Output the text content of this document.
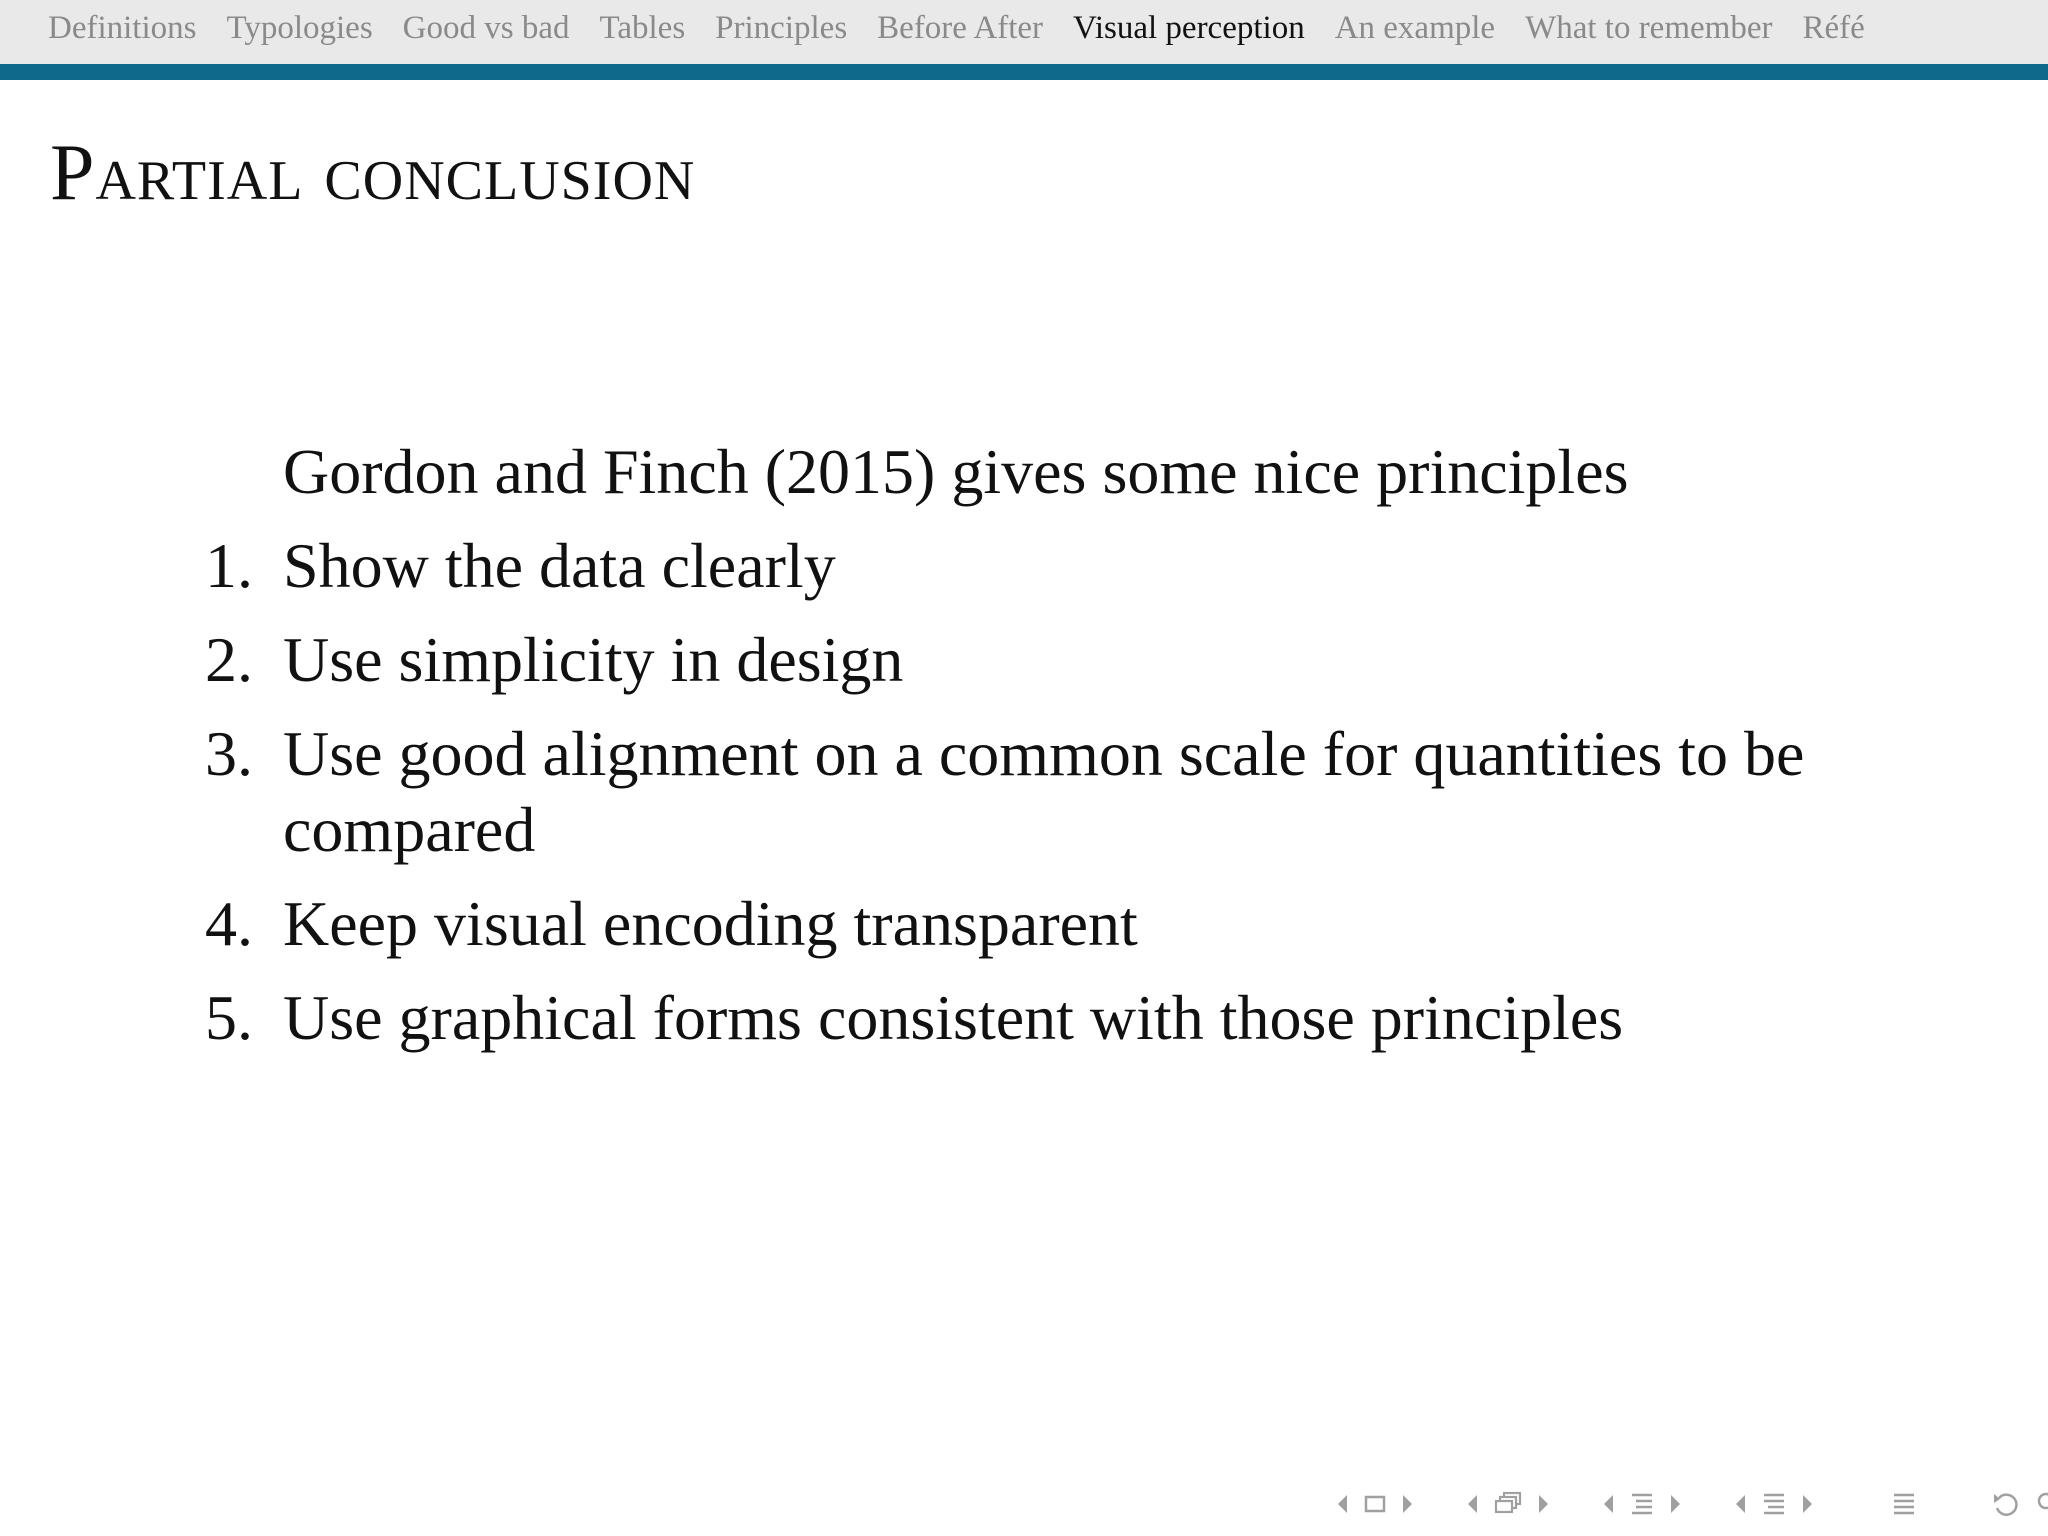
Definitions Typologies Good vs bad Tables Principles Before After Visual perception An example What to remember Réfé
Partial conclusion
Gordon and Finch (2015) gives some nice principles
1. Show the data clearly
2. Use simplicity in design
3. Use good alignment on a common scale for quantities to be compared
4. Keep visual encoding transparent
5. Use graphical forms consistent with those principles
